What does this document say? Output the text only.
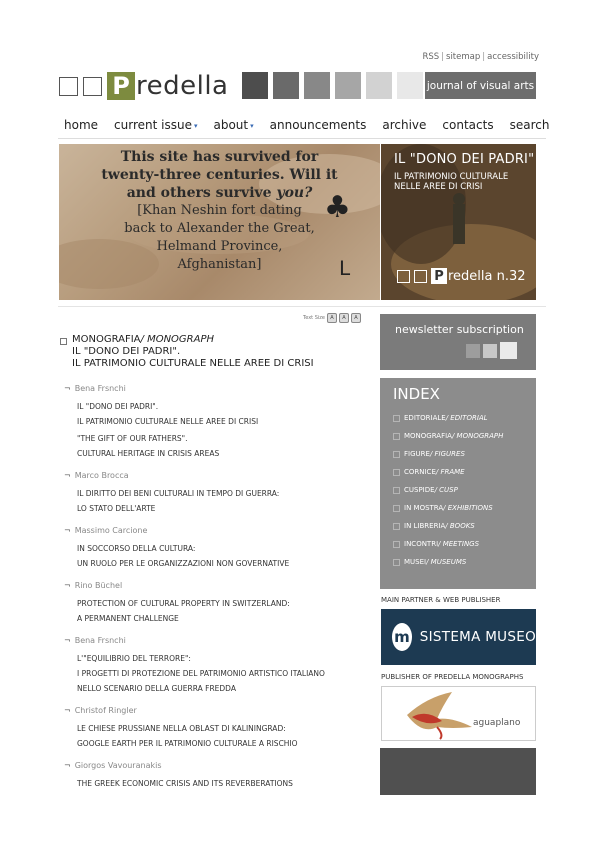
RSS | sitemap | accessibility
P redella	journal of visual arts
home current issue ▾ about ▾ announcements archive contacts search
This site has survived for
twenty-three centuries. Will it
and others survive you?
[Khan Neshin fort dating
back to Alexander the Great,
Helmand Province,
Afghanistan]
♣
ᒪ
IL "DONO DEI PADRI"
IL PATRIMONIO CULTURALE
NELLE AREE DI CRISI
P redella n.32
Text Size	A	A	A
MONOGRAFIA/ MONOGRAPH
IL "DONO DEI PADRI".
IL PATRIMONIO CULTURALE NELLE AREE DI CRISI
¬ Bena Frsnchi
IL "DONO DEI PADRI".
IL PATRIMONIO CULTURALE NELLE AREE DI CRISI
"THE GIFT OF OUR FATHERS".
CULTURAL HERITAGE IN CRISIS AREAS
¬ Marco Brocca
IL DIRITTO DEI BENI CULTURALI IN TEMPO DI GUERRA:
LO STATO DELL'ARTE
¬ Massimo Carcione
IN SOCCORSO DELLA CULTURA:
UN RUOLO PER LE ORGANIZZAZIONI NON GOVERNATIVE
¬ Rino Büchel
PROTECTION OF CULTURAL PROPERTY IN SWITZERLAND:
A PERMANENT CHALLENGE
¬ Bena Frsnchi
L'"EQUILIBRIO DEL TERRORE":
I PROGETTI DI PROTEZIONE DEL PATRIMONIO ARTISTICO ITALIANO
NELLO SCENARIO DELLA GUERRA FREDDA
¬ Christof Ringler
LE CHIESE PRUSSIANE NELLA OBLAST DI KALININGRAD:
GOOGLE EARTH PER IL PATRIMONIO CULTURALE A RISCHIO
¬ Giorgos Vavouranakis
THE GREEK ECONOMIC CRISIS AND ITS REVERBERATIONS
newsletter subscription
INDEX
EDITORIALE / EDITORIAL
MONOGRAFIA / MONOGRAPH
FIGURE / FIGURES
CORNICE / FRAME
CUSPIDE / CUSP
IN MOSTRA / EXHIBITIONS
IN LIBRERIA / BOOKS
INCONTRI / MEETINGS
MUSEI / MUSEUMS
MAIN PARTNER & WEB PUBLISHER
m SISTEMA MUSEO
PUBLISHER OF PREDELLA MONOGRAPHS
aguaplano
